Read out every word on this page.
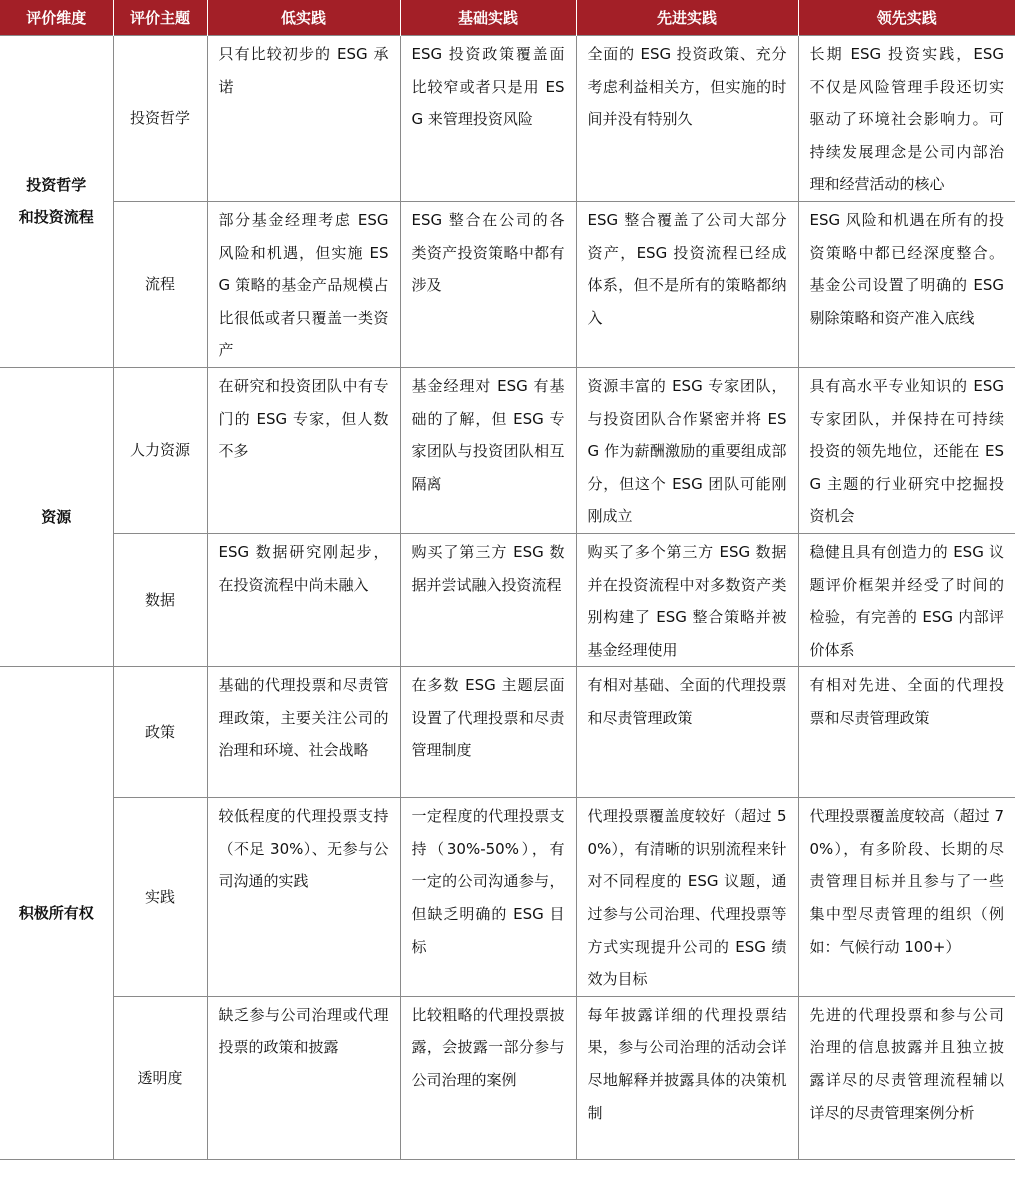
评价维度	评价主题	低实践	基础实践	先进实践	领先实践
投资哲学
和投资流程	投资哲学	只有比较初步的 ESG 承诺	ESG 投资政策覆盖面比较窄或者只是用 ESG 来管理投资风险	全面的 ESG 投资政策、充分考虑利益相关方，但实施的时间并没有特别久	长期 ESG 投资实践，ESG 不仅是风险管理手段还切实驱动了环境社会影响力。可持续发展理念是公司内部治理和经营活动的核心
	流程	部分基金经理考虑 ESG 风险和机遇，但实施 ESG 策略的基金产品规模占比很低或者只覆盖一类资产	ESG 整合在公司的各类资产投资策略中都有涉及	ESG 整合覆盖了公司大部分资产，ESG 投资流程已经成体系，但不是所有的策略都纳入	ESG 风险和机遇在所有的投资策略中都已经深度整合。基金公司设置了明确的 ESG 剔除策略和资产准入底线
资源	人力资源	在研究和投资团队中有专门的 ESG 专家，但人数不多	基金经理对 ESG 有基础的了解，但 ESG 专家团队与投资团队相互隔离	资源丰富的 ESG 专家团队，与投资团队合作紧密并将 ESG 作为薪酬激励的重要组成部分，但这个 ESG 团队可能刚刚成立	具有高水平专业知识的 ESG 专家团队，并保持在可持续投资的领先地位，还能在 ESG 主题的行业研究中挖掘投资机会
	数据	ESG 数据研究刚起步，在投资流程中尚未融入	购买了第三方 ESG 数据并尝试融入投资流程	购买了多个第三方 ESG 数据并在投资流程中对多数资产类别构建了 ESG 整合策略并被基金经理使用	稳健且具有创造力的 ESG 议题评价框架并经受了时间的检验，有完善的 ESG 内部评价体系
积极所有权	政策	基础的代理投票和尽责管理政策，主要关注公司的治理和环境、社会战略	在多数 ESG 主题层面设置了代理投票和尽责管理制度	有相对基础、全面的代理投票和尽责管理政策	有相对先进、全面的代理投票和尽责管理政策
	实践	较低程度的代理投票支持（不足 30%）、无参与公司沟通的实践	一定程度的代理投票支持（30%-50%），有一定的公司沟通参与，但缺乏明确的 ESG 目标	代理投票覆盖度较好（超过 50%），有清晰的识别流程来针对不同程度的 ESG 议题，通过参与公司治理、代理投票等方式实现提升公司的 ESG 绩效为目标	代理投票覆盖度较高（超过 70%），有多阶段、长期的尽责管理目标并且参与了一些集中型尽责管理的组织（例如：气候行动 100+）
	透明度	缺乏参与公司治理或代理投票的政策和披露	比较粗略的代理投票披露，会披露一部分参与公司治理的案例	每年披露详细的代理投票结果，参与公司治理的活动会详尽地解释并披露具体的决策机制	先进的代理投票和参与公司治理的信息披露并且独立披露详尽的尽责管理流程辅以详尽的尽责管理案例分析
